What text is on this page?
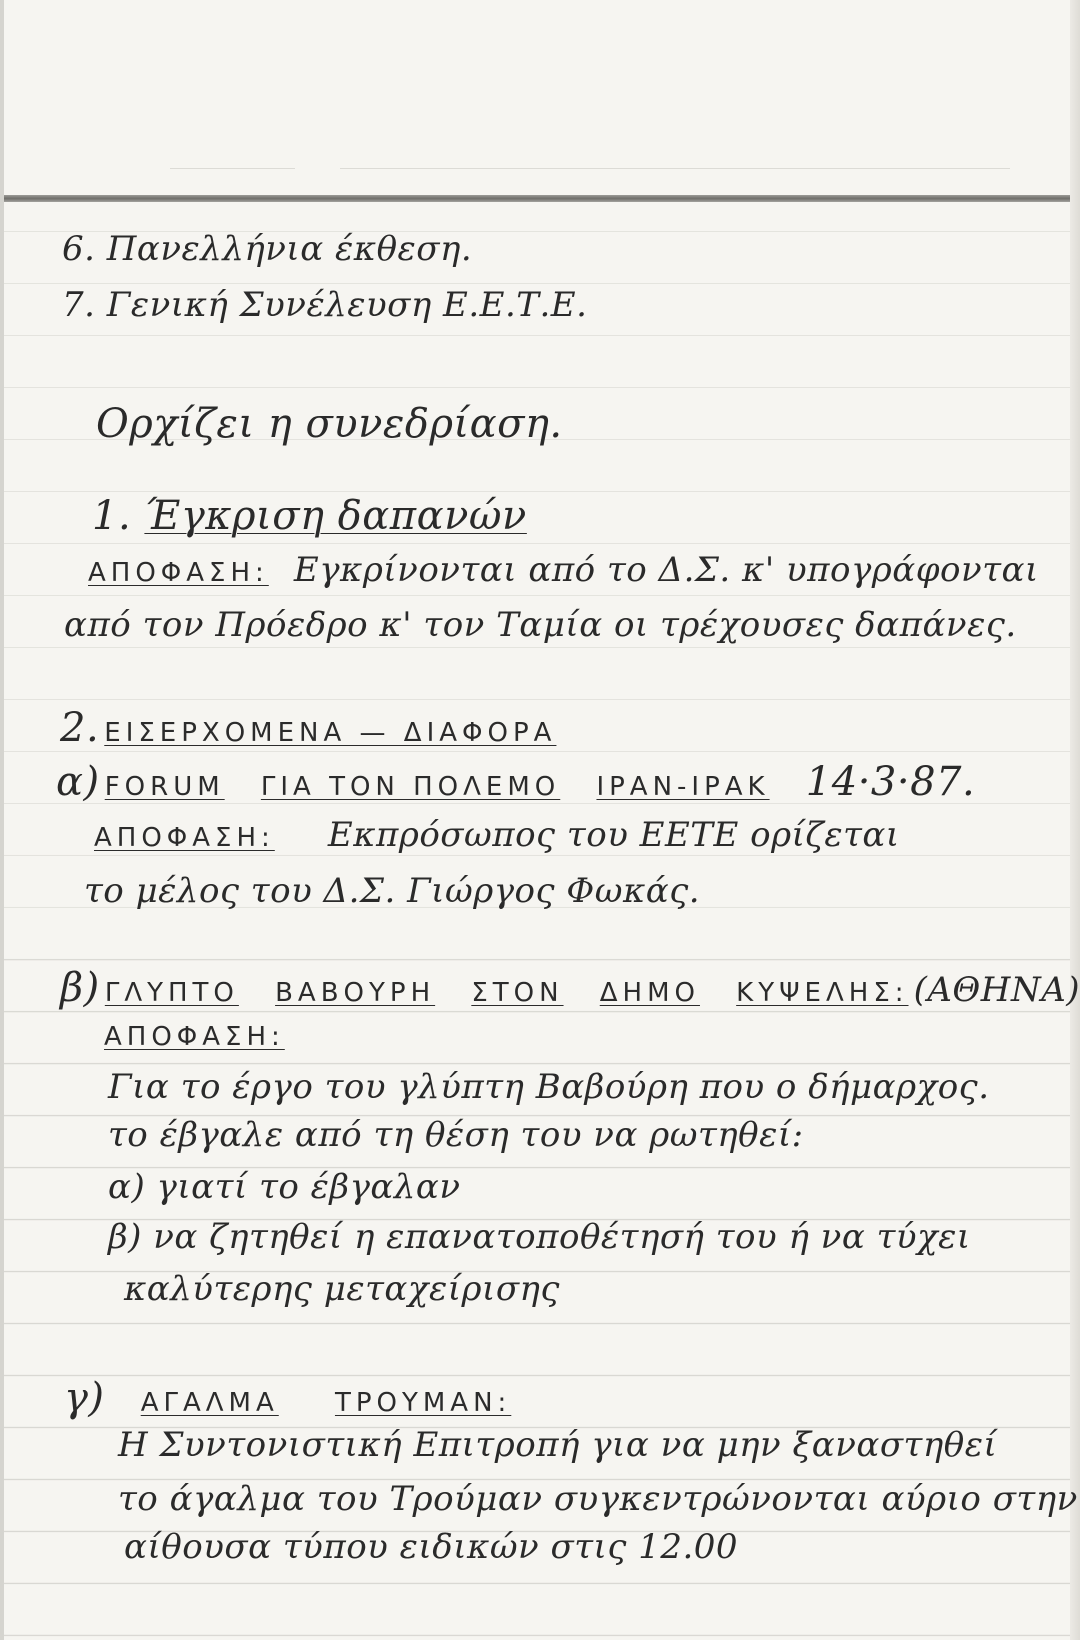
6. Πανελλήνια έκθεση.
7. Γενική Συνέλευση Ε.Ε.Τ.Ε.
Ορχίζει η συνεδρίαση.
1. Έγκριση δαπανών
ΑΠΟΦΑΣΗ: Εγκρίνονται από το Δ.Σ. κ' υπογράφονται
από τον Πρόεδρο κ' τον Ταμία οι τρέχουσες δαπάνες.
2. ΕΙΣΕΡΧΟΜΕΝΑ — ΔΙΑΦΟΡΑ
α) FORUM ΓΙΑ ΤΟΝ ΠΟΛΕΜΟ ΙΡΑΝ-ΙΡΑΚ 14·3·87.
ΑΠΟΦΑΣΗ: Εκπρόσωπος του ΕΕΤΕ ορίζεται
το μέλος του Δ.Σ. Γιώργος Φωκάς.
β) ΓΛΥΠΤΟ ΒΑΒΟΥΡΗ ΣΤΟΝ ΔΗΜΟ ΚΥΨΕΛΗΣ: (ΑΘΗΝΑ)
ΑΠΟΦΑΣΗ:
Για το έργο του γλύπτη Βαβούρη που ο δήμαρχος.
το έβγαλε από τη θέση του να ρωτηθεί:
α) γιατί το έβγαλαν
β) να ζητηθεί η επανατοποθέτησή του ή να τύχει
καλύτερης μεταχείρισης
γ) ΑΓΑΛΜΑ ΤΡΟΥΜΑΝ:
Η Συντονιστική Επιτροπή για να μην ξαναστηθεί
το άγαλμα του Τρούμαν συγκεντρώνονται αύριο στην
αίθουσα τύπου ειδικών στις 12.00
